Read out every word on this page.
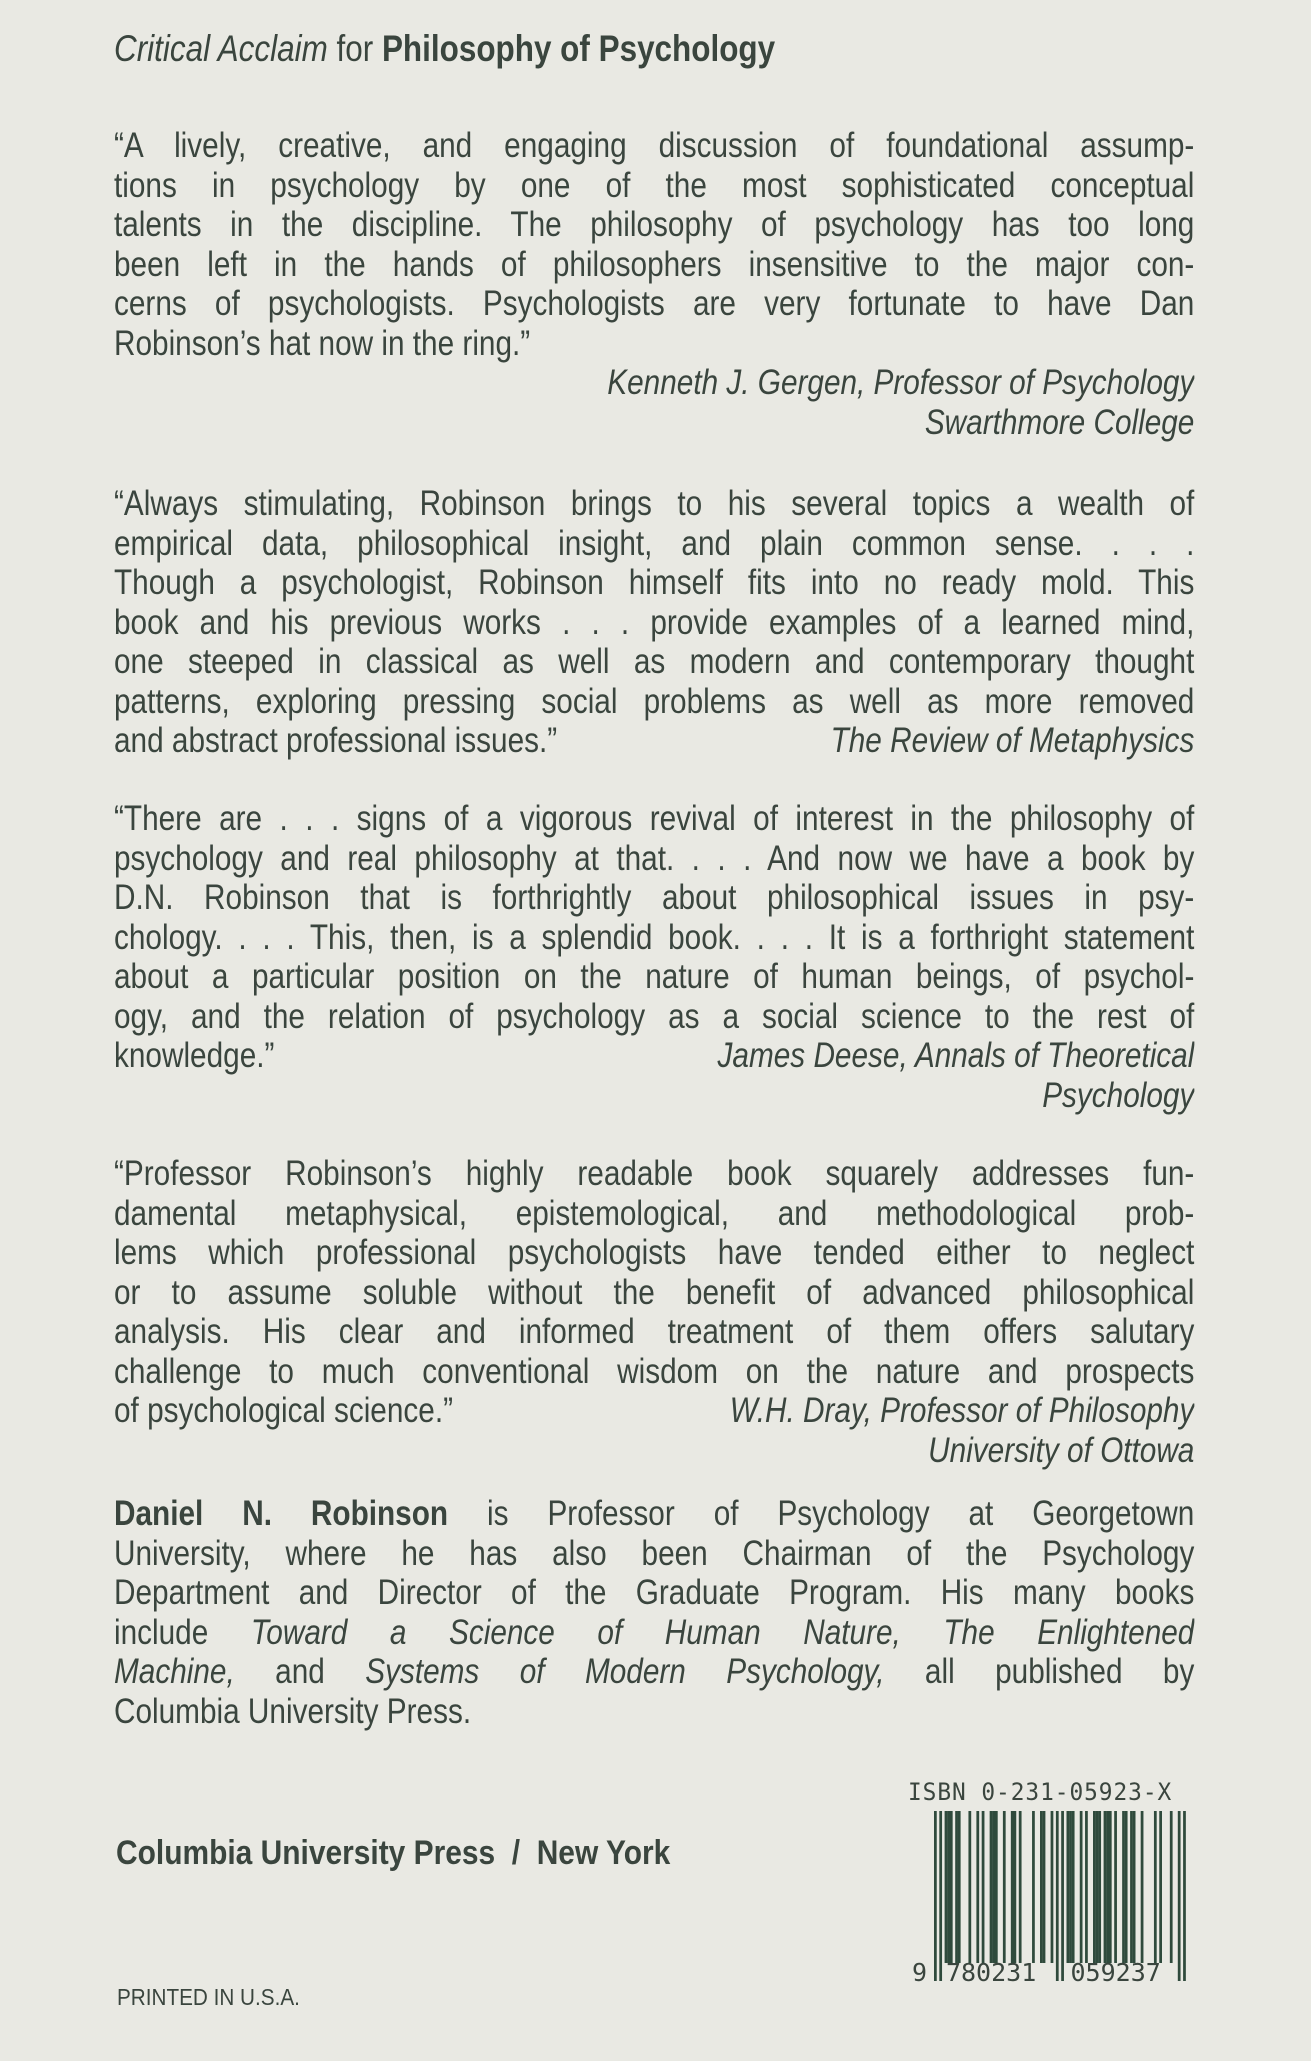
Critical Acclaim for Philosophy of Psychology
“A lively, creative, and engaging discussion of foundational assump-
tions in psychology by one of the most sophisticated conceptual
talents in the discipline. The philosophy of psychology has too long
been left in the hands of philosophers insensitive to the major con-
cerns of psychologists. Psychologists are very fortunate to have Dan
Robinson’s hat now in the ring.”
Kenneth J. Gergen, Professor of Psychology
Swarthmore College
“Always stimulating, Robinson brings to his several topics a wealth of
empirical data, philosophical insight, and plain common sense. . . .
Though a psychologist, Robinson himself fits into no ready mold. This
book and his previous works . . . provide examples of a learned mind,
one steeped in classical as well as modern and contemporary thought
patterns, exploring pressing social problems as well as more removed
and abstract professional issues.”	The Review of Metaphysics
“There are . . . signs of a vigorous revival of interest in the philosophy of
psychology and real philosophy at that. . . . And now we have a book by
D.N. Robinson that is forthrightly about philosophical issues in psy-
chology. . . . This, then, is a splendid book. . . . It is a forthright statement
about a particular position on the nature of human beings, of psychol-
ogy, and the relation of psychology as a social science to the rest of
knowledge.”	James Deese, Annals of Theoretical
Psychology
“Professor Robinson’s highly readable book squarely addresses fun-
damental metaphysical, epistemological, and methodological prob-
lems which professional psychologists have tended either to neglect
or to assume soluble without the benefit of advanced philosophical
analysis. His clear and informed treatment of them offers salutary
challenge to much conventional wisdom on the nature and prospects
of psychological science.”	W.H. Dray, Professor of Philosophy
University of Ottowa
Daniel N. Robinson is Professor of Psychology at Georgetown
University, where he has also been Chairman of the Psychology
Department and Director of the Graduate Program. His many books
include Toward a Science of Human Nature, The Enlightened
Machine, and Systems of Modern Psychology, all published by
Columbia University Press.
ISBN 0-231-05923-X
9 780231 059237
Columbia University Press  /  New York
PRINTED IN U.S.A.
